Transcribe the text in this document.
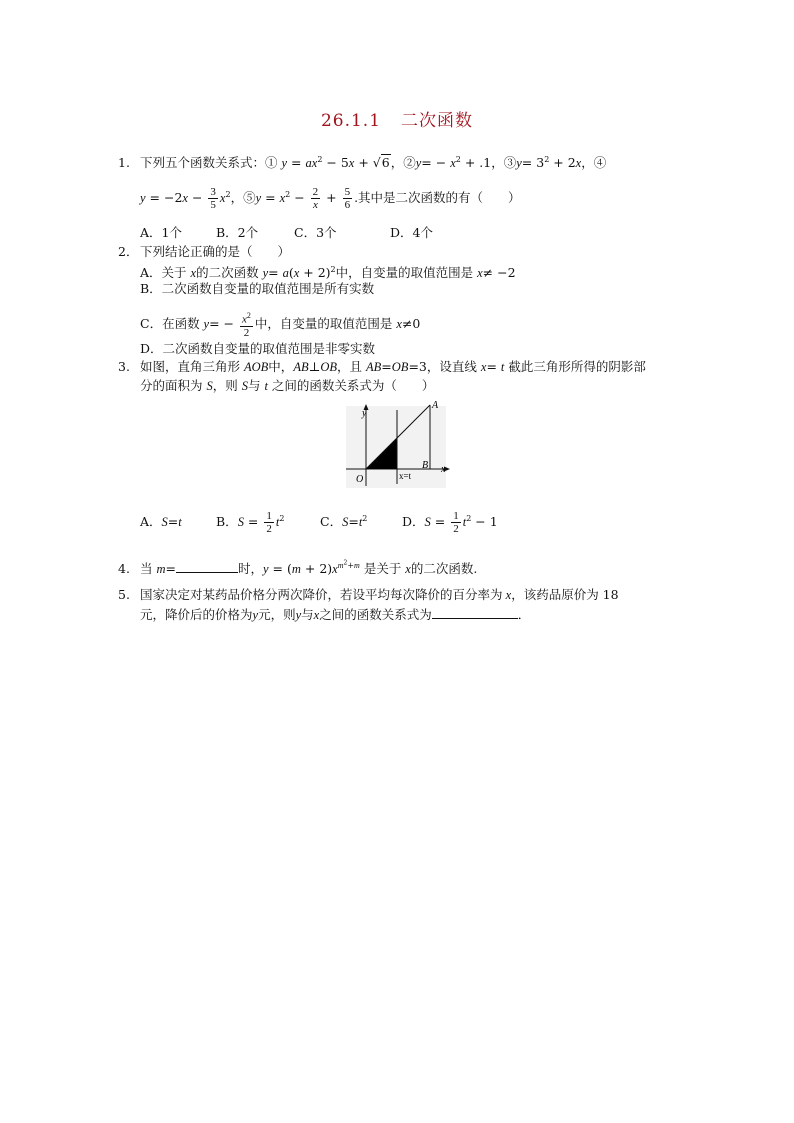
26.1.1 二次函数
1. 下列五个函数关系式：① $y = ax^2 - 5x + √6$，②y= − $x^2 + .1$，③y= $3^2 + 2x$，④
$y = -2x - \frac{3}{5} x^2$，⑤y = $x^2 - \frac{2}{x} + \frac{5}{6}$ .其中是二次函数的有（　　）
A．1个	B．2个	C．3个	D．4个
2． 下列结论正确的是（　　）
A．关于 x的二次函数 $y= a(x + 2)^2$中，自变量的取值范围是 x≠ −2
B．二次函数自变量的取值范围是所有实数
C．在函数 $y= - \frac{x^2}{2}$ 中，自变量的取值范围是 x≠0
D．二次函数自变量的取值范围是非零实数
3. 如图，直角三角形 AOB中，AB⊥OB，且 AB=OB=3，设直线 x= t 截此三角形所得的阴影部
分的面积为 S，则 S与 t 之间的函数关系式为（　　）
y
x
O
A
B
x=t
A．S=t	B．$S = \frac{1}{2} t^2$	C．$S=t^2$	D．$S = \frac{1}{2} t^2 - 1$
4. 当 m=	时，$y = (m + 2)x^{m^2+m}$ 是关于 x的二次函数.
5. 国家决定对某药品价格分两次降价，若设平均每次降价的百分率为 x，该药品原价为 18
元，降价后的价格为y元，则y与x之间的函数关系式为	．
